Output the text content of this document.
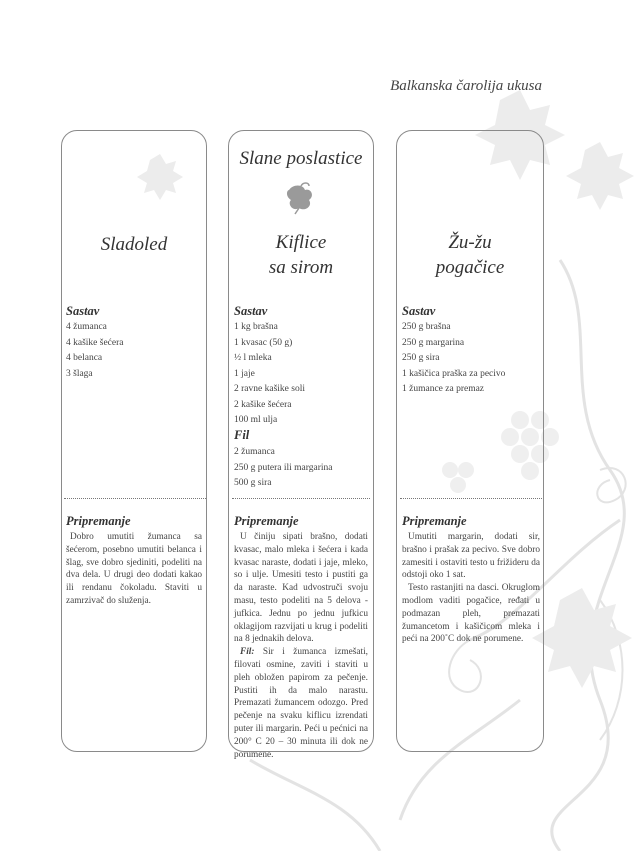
Balkanska čarolija ukusa
Slane poslastice
Sladoled	Kiflice
sa sirom
Žu-žu
pogačice
Sastav	Sastav	Sastav
4 žumanca
4 kašike šećera
4 belanca
3 šlaga
1 kg brašna
1 kvasac (50 g)
½ l mleka
1 jaje
2 ravne kašike soli
2 kašike šećera
100 ml ulja
Fil
2 žumanca
250 g putera ili margarina
500 g sira
250 g brašna
250 g margarina
250 g sira
1 kašičica praška za pecivo
1 žumance za premaz
Pripremanje	Pripremanje	Pripremanje

Dobro umutiti žumanca sa šećerom, posebno umutiti belanca i šlag, sve dobro sjediniti, podeliti na dva dela. U drugi deo dodati kakao ili rendanu čokoladu. Staviti u zamrzivač do služenja.

U činiju sipati brašno, dodati kvasac, malo mleka i šećera i kada kvasac naraste, dodati i jaje, mleko, so i ulje. Umesiti testo i pustiti ga da naraste. Kad udvostruči svoju masu, testo podeliti na 5 delova - jufkica. Jednu po jednu jufkicu oklagijom razvijati u krug i podeliti na 8 jednakih delova.

Fil: Sir i žumanca izmešati, filovati osmine, zaviti i staviti u pleh obložen papirom za pečenje. Pustiti ih da malo narastu. Premazati žumancem odozgo. Pred pečenje na svaku kiflicu izrendati puter ili margarin. Peći u pećnici na 200° C 20 – 30 minuta ili dok ne porumene.

Umutiti margarin, dodati sir, brašno i prašak za pecivo. Sve dobro zamesiti i ostaviti testo u frižideru da odstoji oko 1 sat.

Testo rastanjiti na dasci. Okruglom modlom vaditi pogačice, ređati u podmazan pleh, premazati žumancetom i kašičicom mleka i peći na 200˚C dok ne porumene.
